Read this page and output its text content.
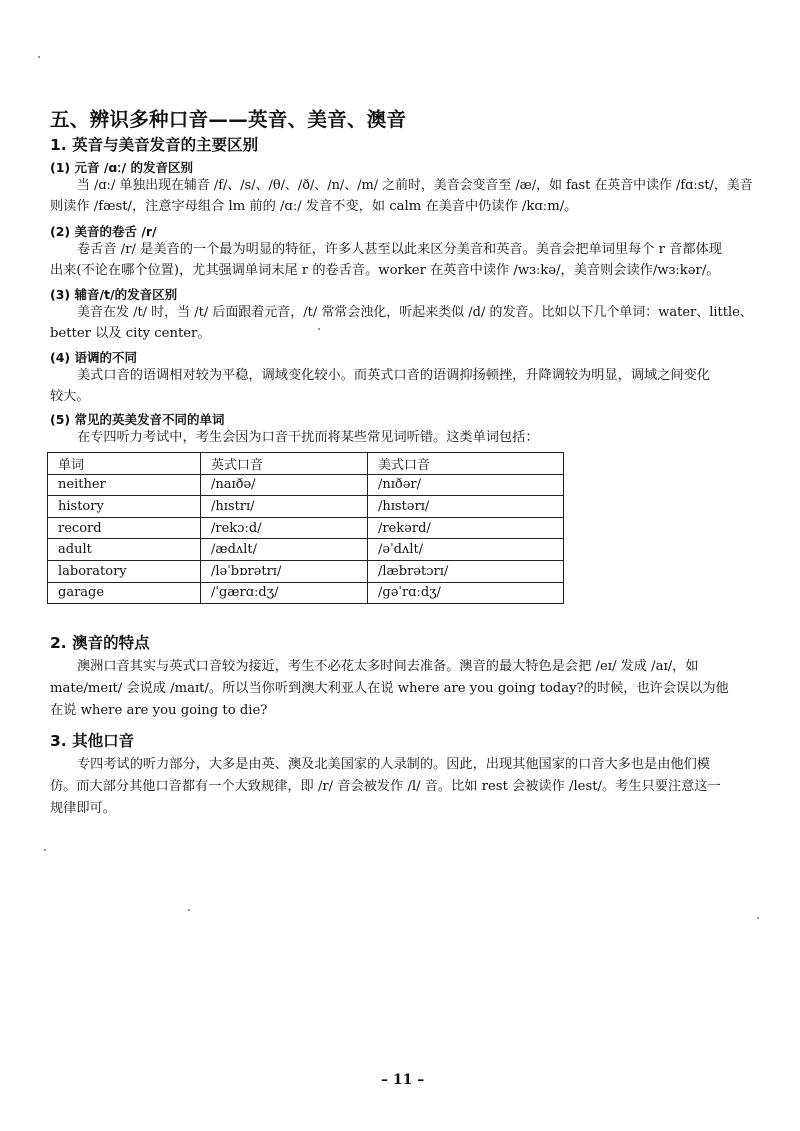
五、辨识多种口音——英音、美音、澳音
1. 英音与美音发音的主要区别
(1) 元音 /ɑː/ 的发音区别
当 /ɑː/ 单独出现在辅音 /f/、/s/、/θ/、/ð/、/n/、/m/ 之前时，美音会变音至 /æ/，如 fast 在英音中读作 /fɑːst/，美音
则读作 /fæst/，注意字母组合 lm 前的 /ɑː/ 发音不变，如 calm 在美音中仍读作 /kɑːm/。
(2) 美音的卷舌 /r/
卷舌音 /r/ 是美音的一个最为明显的特征，许多人甚至以此来区分美音和英音。美音会把单词里每个 r 音都体现
出来(不论在哪个位置)，尤其强调单词末尾 r 的卷舌音。worker 在英音中读作 /wɜːkə/，美音则会读作/wɜːkər/。
(3) 辅音/t/的发音区别
美音在发 /t/ 时，当 /t/ 后面跟着元音，/t/ 常常会浊化，听起来类似 /d/ 的发音。比如以下几个单词：water、little、
better 以及 city center。
(4) 语调的不同
美式口音的语调相对较为平稳，调域变化较小。而英式口音的语调抑扬顿挫，升降调较为明显，调域之间变化
较大。
(5) 常见的英美发音不同的单词
在专四听力考试中，考生会因为口音干扰而将某些常见词听错。这类单词包括：
单词	英式口音	美式口音
neither	/naɪðə/	/nɪðər/
history	/hɪstrɪ/	/hɪstərɪ/
record	/rekɔːd/	/rekərd/
adult	/ædʌlt/	/əˈdʌlt/
laboratory	/ləˈbɒrətrɪ/	/læbrətɔrɪ/
garage	/ˈgærɑːdʒ/	/gəˈrɑːdʒ/
2. 澳音的特点
澳洲口音其实与英式口音较为接近，考生不必花太多时间去准备。澳音的最大特色是会把 /eɪ/ 发成 /aɪ/，如
mate/meɪt/ 会说成 /maɪt/。所以当你听到澳大利亚人在说 where are you going today?的时候，也许会误以为他
在说 where are you going to die?
3. 其他口音
专四考试的听力部分，大多是由英、澳及北美国家的人录制的。因此，出现其他国家的口音大多也是由他们模
仿。而大部分其他口音都有一个大致规律，即 /r/ 音会被发作 /l/ 音。比如 rest 会被读作 /lest/。考生只要注意这一
规律即可。
– 11 –
